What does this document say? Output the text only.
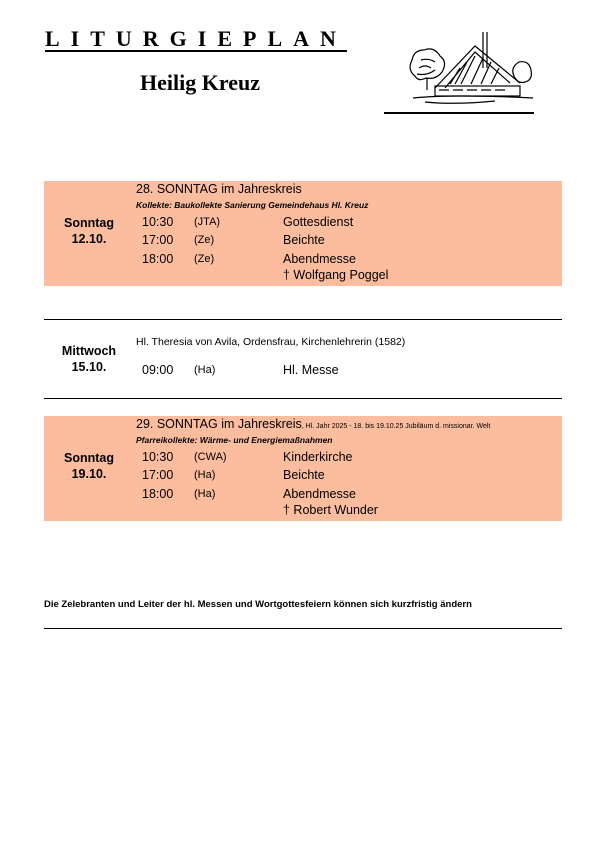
LITURGIEPLAN
Heilig Kreuz
28. SONNTAG im Jahreskreis
Kollekte: Baukollekte Sanierung Gemeindehaus Hl. Kreuz
Sonntag
12.10.
10:30 (JTA)	Gottesdienst
17:00 (Ze)	Beichte
18:00 (Ze)	Abendmesse
† Wolfgang Poggel
Hl. Theresia von Avila, Ordensfrau, Kirchenlehrerin (1582)
Mittwoch
15.10.	09:00 (Ha)	Hl. Messe
29. SONNTAG im Jahreskreis, Hl. Jahr 2025 - 18. bis 19.10.25 Jubiläum d. missionar. Welt
Pfarreikollekte: Wärme- und Energiemaßnahmen
Sonntag
19.10.
10:30 (CWA)	Kinderkirche
17:00 (Ha)	Beichte
18:00 (Ha)	Abendmesse
† Robert Wunder
Die Zelebranten und Leiter der hl. Messen und Wortgottesfeiern können sich kurzfristig ändern
